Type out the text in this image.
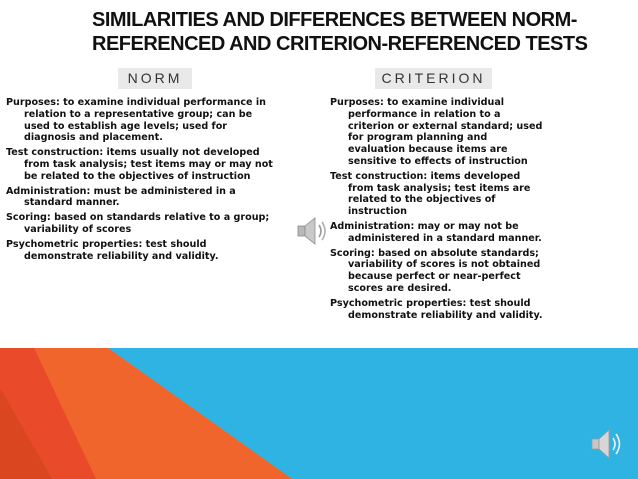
SIMILARITIES AND DIFFERENCES BETWEEN NORM-
REFERENCED AND CRITERION-REFERENCED TESTS
NORM	CRITERION
Purposes: to examine individual performance in relation to a representative group; can be used to establish age levels; used for diagnosis and placement.
Test construction: items usually not developed from task analysis; test items may or may not be related to the objectives of instruction
Administration: must be administered in a standard manner.
Scoring: based on standards relative to a group; variability of scores
Psychometric properties: test should demonstrate reliability and validity.
Purposes: to examine individual performance in relation to a criterion or external standard; used for program planning and evaluation because items are sensitive to effects of instruction
Test construction: items developed from task analysis; test items are related to the objectives of instruction
Administration: may or may not be administered in a standard manner.
Scoring: based on absolute standards; variability of scores is not obtained because perfect or near-perfect scores are desired.
Psychometric properties: test should demonstrate reliability and validity.
